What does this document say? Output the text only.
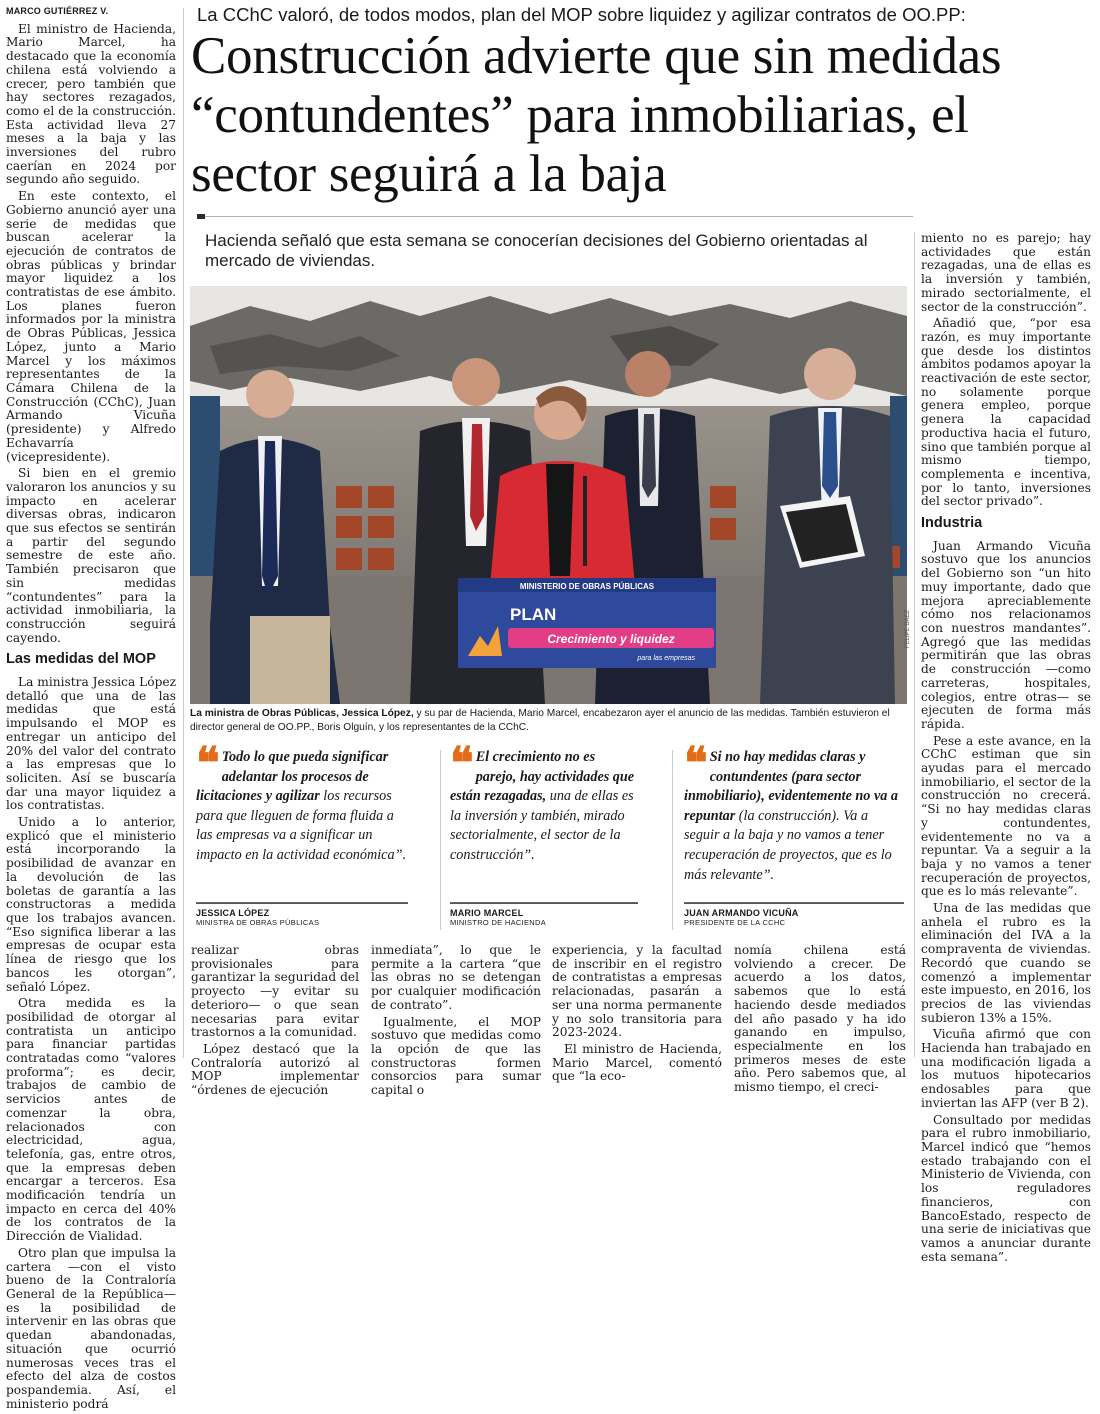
MARCO GUTIÉRREZ V.

El ministro de Hacienda, Mario Marcel, ha destacado que la economía chilena está volviendo a crecer, pero también que hay sectores rezagados, como el de la construcción. Esta actividad lleva 27 meses a la baja y las inversiones del rubro caerían en 2024 por segundo año seguido.

En este contexto, el Gobierno anunció ayer una serie de medidas que buscan acelerar la ejecución de contratos de obras públicas y brindar mayor liquidez a los contratistas de ese ámbito. Los planes fueron informados por la ministra de Obras Públicas, Jessica López, junto a Mario Marcel y los máximos representantes de la Cámara Chilena de la Construcción (CChC), Juan Armando Vicuña (presidente) y Alfredo Echavarría (vicepresidente).

Si bien en el gremio valoraron los anuncios y su impacto en acelerar diversas obras, indicaron que sus efectos se sentirán a partir del segundo semestre de este año. También precisaron que sin medidas “contundentes” para la actividad inmobiliaria, la construcción seguirá cayendo.

Las medidas del MOP

La ministra Jessica López detalló que una de las medidas que está impulsando el MOP es entregar un anticipo del 20% del valor del contrato a las empresas que lo soliciten. Así se buscaría dar una mayor liquidez a los contratistas.

Unido a lo anterior, explicó que el ministerio está incorporando la posibilidad de avanzar en la devolución de las boletas de garantía a las constructoras a medida que los trabajos avancen. “Eso significa liberar a las empresas de ocupar esta línea de riesgo que los bancos les otorgan”, señaló López.

Otra medida es la posibilidad de otorgar al contratista un anticipo para financiar partidas contratadas como “valores proforma”; es decir, trabajos de cambio de servicios antes de comenzar la obra, relacionados con electricidad, agua, telefonía, gas, entre otros, que la empresas deben encargar a terceros. Esa modificación tendría un impacto en cerca del 40% de los contratos de la Dirección de Vialidad.

Otro plan que impulsa la cartera —con el visto bueno de la Contraloría General de la República— es la posibilidad de intervenir en las obras que quedan abandonadas, situación que ocurrió numerosas veces tras el efecto del alza de costos pospandemia. Así, el ministerio podrá

La CChC valoró, de todos modos, plan del MOP sobre liquidez y agilizar contratos de OO.PP:
Construcción advierte que sin medidas “contundentes” para inmobiliarias, el sector seguirá a la baja
Hacienda señaló que esta semana se conocerían decisiones del Gobierno orientadas al mercado de viviendas.
MINISTERIO DE OBRAS PÚBLICAS
PLAN
Crecimiento y liquidez
para las empresas
FELIPE BÁEZ
La ministra de Obras Públicas, Jessica López, y su par de Hacienda, Mario Marcel, encabezaron ayer el anuncio de las medidas. También estuvieron el director general de OO.PP., Boris Olguín, y los representantes de la CChC.

miento no es parejo; hay actividades que están rezagadas, una de ellas es la inversión y también, mirado sectorialmente, el sector de la construcción”.

Añadió que, “por esa razón, es muy importante que desde los distintos ámbitos podamos apoyar la reactivación de este sector, no solamente porque genera empleo, porque genera la capacidad productiva hacia el futuro, sino que también porque al mismo tiempo, complementa e incentiva, por lo tanto, inversiones del sector privado”.

Industria

Juan Armando Vicuña sostuvo que los anuncios del Gobierno son “un hito muy importante, dado que mejora apreciablemente cómo nos relacionamos con nuestros mandantes”. Agregó que las medidas permitirán que las obras de construcción —como carreteras, hospitales, colegios, entre otras— se ejecuten de forma más rápida.

Pese a este avance, en la CChC estiman que sin ayudas para el mercado inmobiliario, el sector de la construcción no crecerá. “Si no hay medidas claras y contundentes, evidentemente no va a repuntar. Va a seguir a la baja y no vamos a tener recuperación de proyectos, que es lo más relevante”.

Una de las medidas que anhela el rubro es la eliminación del IVA a la compraventa de viviendas. Recordó que cuando se comenzó a implementar este impuesto, en 2016, los precios de las viviendas subieron 13% a 15%.

Vicuña afirmó que con Hacienda han trabajado en una modificación ligada a los mutuos hipotecarios endosables para que inviertan las AFP (ver B 2).

Consultado por medidas para el rubro inmobiliario, Marcel indicó que “hemos estado trabajando con el Ministerio de Vivienda, con los reguladores financieros, con BancoEstado, respecto de una serie de iniciativas que vamos a anunciar durante esta semana”.

❝ Todo lo que pueda significar adelantar los procesos de licitaciones y agilizar los recursos para que lleguen de forma fluida a las empresas va a significar un impacto en la actividad económica”.
❝ El crecimiento no es parejo, hay actividades que están rezagadas, una de ellas es la inversión y también, mirado sectorialmente, el sector de la construcción”.
❝ Si no hay medidas claras y contundentes (para sector inmobiliario), evidentemente no va a repuntar (la construcción). Va a seguir a la baja y no vamos a tener recuperación de proyectos, que es lo más relevante”.
JESSICA LÓPEZ
MINISTRA DE OBRAS PÚBLICAS
MARIO MARCEL
MINISTRO DE HACIENDA
JUAN ARMANDO VICUÑA
PRESIDENTE DE LA CCHC

realizar obras provisionales para garantizar la seguridad del proyecto —y evitar su deterioro— o que sean necesarias para evitar trastornos a la comunidad.

López destacó que la Contraloría autorizó al MOP implementar “órdenes de ejecución

inmediata”, lo que le permite a la cartera “que las obras no se detengan por cualquier modificación de contrato”.

Igualmente, el MOP sostuvo que medidas como la opción de que las constructoras formen consorcios para sumar capital o

experiencia, y la facultad de inscribir en el registro de contratistas a empresas relacionadas, pasarán a ser una norma permanente y no solo transitoria para 2023-2024.

El ministro de Hacienda, Mario Marcel, comentó que “la eco-

nomía chilena está volviendo a crecer. De acuerdo a los datos, sabemos que lo está haciendo desde mediados del año pasado y ha ido ganando en impulso, especialmente en los primeros meses de este año. Pero sabemos que, al mismo tiempo, el creci-
